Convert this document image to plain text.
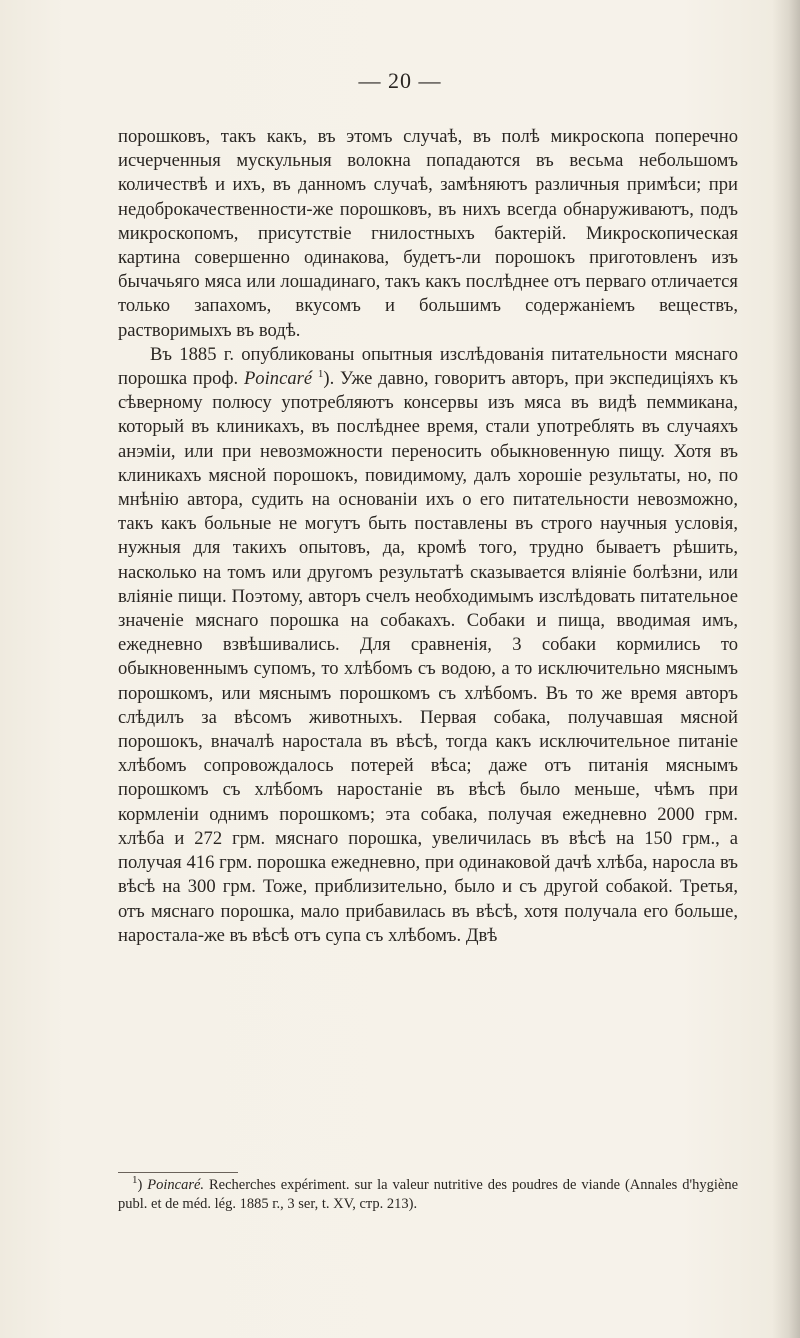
— 20 —

порошковъ, такъ какъ, въ этомъ случаѣ, въ полѣ микроскопа поперечно исчерченныя мускульныя волокна попадаются въ весьма небольшомъ количествѣ и ихъ, въ данномъ случаѣ, замѣняютъ различныя примѣси; при недоброкачественности-же порошковъ, въ нихъ всегда обнаруживаютъ, подъ микроскопомъ, присутствіе гнилостныхъ бактерій. Микроскопическая картина совершенно одинакова, будетъ-ли порошокъ приготовленъ изъ бычачьяго мяса или лошадинаго, такъ какъ послѣднее отъ перваго отличается только запахомъ, вкусомъ и большимъ содержаніемъ веществъ, растворимыхъ въ водѣ.

Въ 1885 г. опубликованы опытныя изслѣдованія питательности мяснаго порошка проф. Poincaré $^1$). Уже давно, говоритъ авторъ, при экспедиціяхъ къ сѣверному полюсу употребляютъ консервы изъ мяса въ видѣ пеммикана, который въ клиникахъ, въ послѣднее время, стали употреблять въ случаяхъ анэміи, или при невозможности переносить обыкновенную пищу. Хотя въ клиникахъ мясной порошокъ, повидимому, далъ хорошіе результаты, но, по мнѣнію автора, судить на основаніи ихъ о его питательности невозможно, такъ какъ больные не могутъ быть поставлены въ строго научныя условія, нужныя для такихъ опытовъ, да, кромѣ того, трудно бываетъ рѣшить, насколько на томъ или другомъ результатѣ сказывается вліяніе болѣзни, или вліяніе пищи. Поэтому, авторъ счелъ необходимымъ изслѣдовать питательное значеніе мяснаго порошка на собакахъ. Собаки и пища, вводимая имъ, ежедневно взвѣшивались. Для сравненія, 3 собаки кормились то обыкновеннымъ супомъ, то хлѣбомъ съ водою, а то исключительно мяснымъ порошкомъ, или мяснымъ порошкомъ съ хлѣбомъ. Въ то же время авторъ слѣдилъ за вѣсомъ животныхъ. Первая собака, получавшая мясной порошокъ, вначалѣ наростала въ вѣсѣ, тогда какъ исключительное питаніе хлѣбомъ сопровождалось потерей вѣса; даже отъ питанія мяснымъ порошкомъ съ хлѣбомъ наростаніе въ вѣсѣ было меньше, чѣмъ при кормленіи однимъ порошкомъ; эта собака, получая ежедневно 2000 грм. хлѣба и 272 грм. мяснаго порошка, увеличилась въ вѣсѣ на 150 грм., а получая 416 грм. порошка ежедневно, при одинаковой дачѣ хлѣба, наросла въ вѣсѣ на 300 грм. Тоже, приблизительно, было и съ другой собакой. Третья, отъ мяснаго порошка, мало прибавилась въ вѣсѣ, хотя получала его больше, наростала-же въ вѣсѣ отъ супа съ хлѣбомъ. Двѣ

$^1$) Poincaré. Recherches expériment. sur la valeur nutritive des poudres de viande (Annales d'hygiène publ. et de méd. lég. 1885 г., 3 ser, t. XV, стр. 213).
